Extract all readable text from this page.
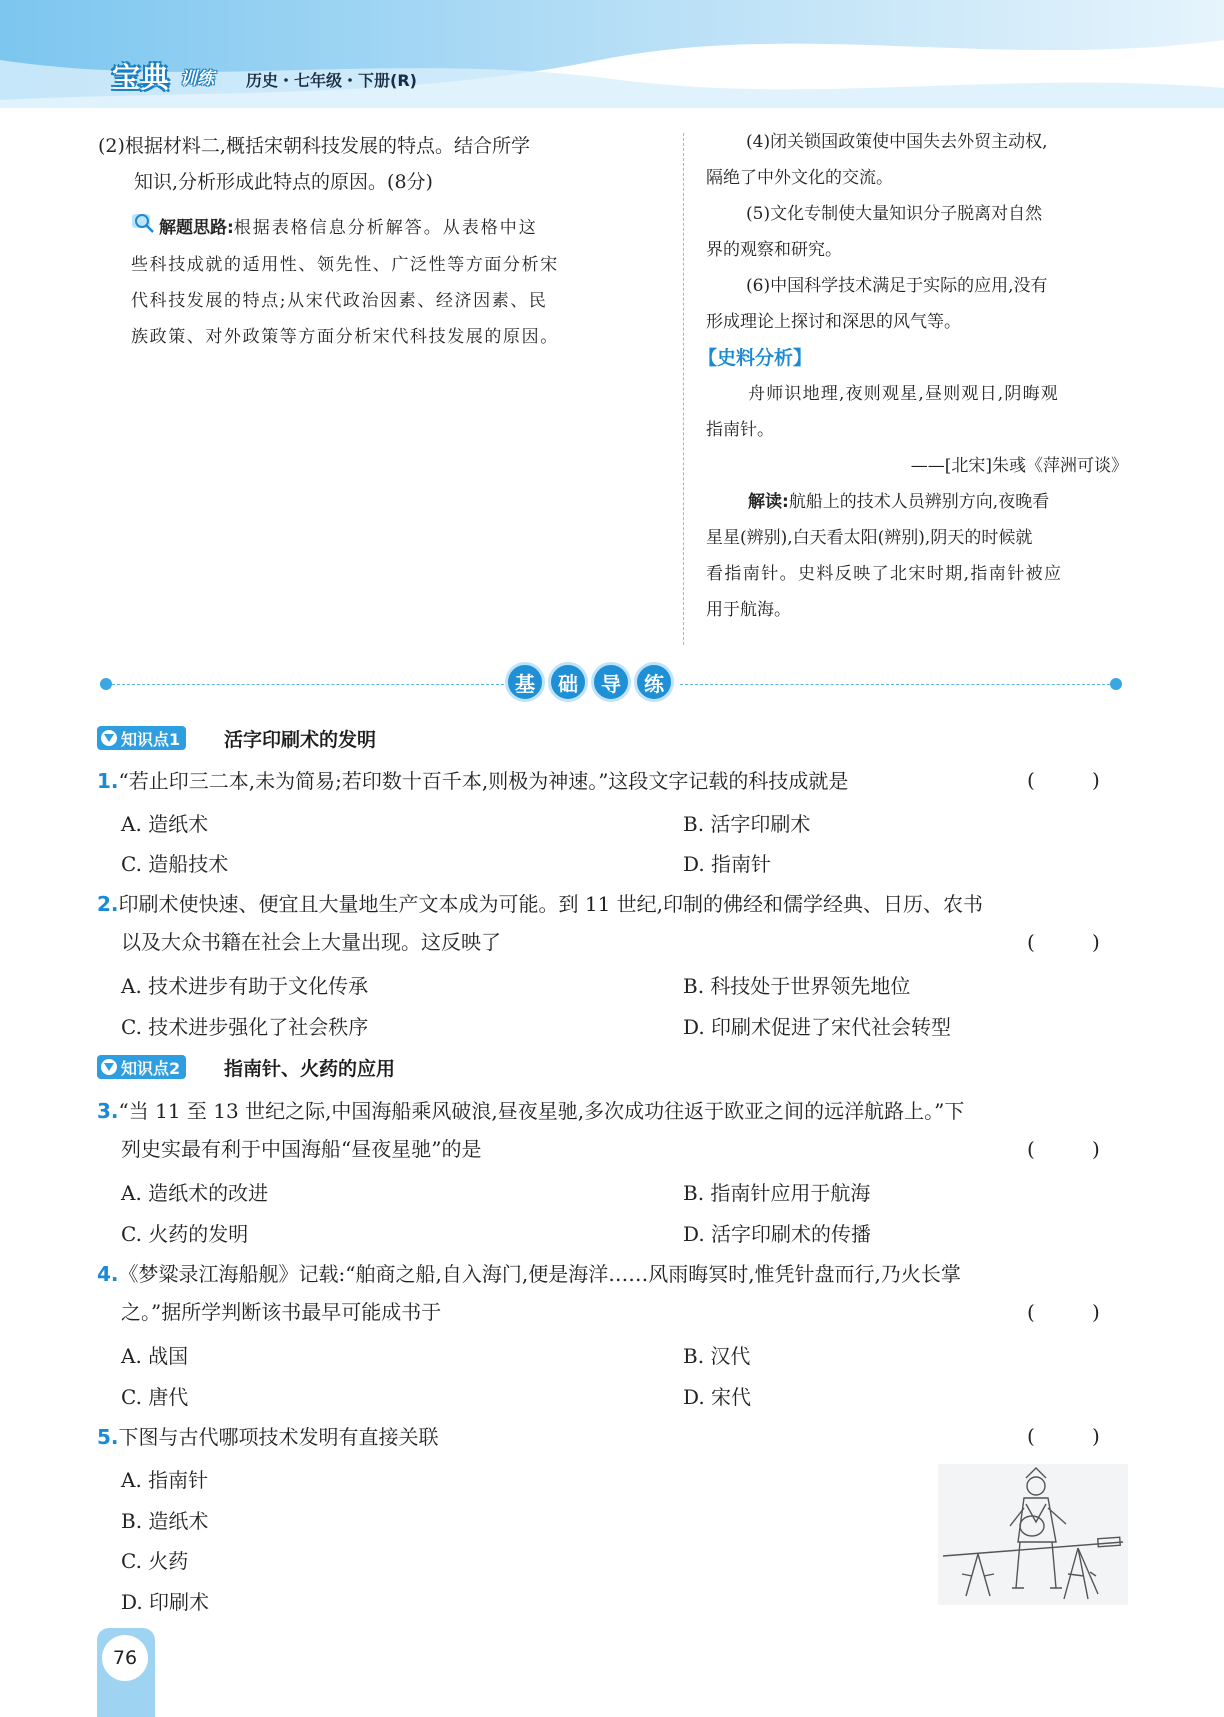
宝典 训练 历史・七年级・下册(R)
(2)根据材料二,概括宋朝科技发展的特点。结合所学
知识,分析形成此特点的原因。(8分)
解题思路:根据表格信息分析解答。从表格中这
些科技成就的适用性、领先性、广泛性等方面分析宋
代科技发展的特点;从宋代政治因素、经济因素、民
族政策、对外政策等方面分析宋代科技发展的原因。
(4)闭关锁国政策使中国失去外贸主动权,
隔绝了中外文化的交流。
(5)文化专制使大量知识分子脱离对自然
界的观察和研究。
(6)中国科学技术满足于实际的应用,没有
形成理论上探讨和深思的风气等。
【史料分析】
舟师识地理,夜则观星,昼则观日,阴晦观
指南针。
——[北宋]朱彧《萍洲可谈》
解读:航船上的技术人员辨别方向,夜晚看
星星(辨别),白天看太阳(辨别),阴天的时候就
看指南针。史料反映了北宋时期,指南针被应
用于航海。
基	础	导	练
知识点1 活字印刷术的发明
1.“若止印三二本,未为简易;若印数十百千本,则极为神速。”这段文字记载的科技成就是	(         )
A. 造纸术	B. 活字印刷术
C. 造船技术	D. 指南针
2.印刷术使快速、便宜且大量地生产文本成为可能。到 11 世纪,印制的佛经和儒学经典、日历、农书
以及大众书籍在社会上大量出现。这反映了	(         )
A. 技术进步有助于文化传承	B. 科技处于世界领先地位
C. 技术进步强化了社会秩序	D. 印刷术促进了宋代社会转型
知识点2 指南针、火药的应用
3.“当 11 至 13 世纪之际,中国海船乘风破浪,昼夜星驰,多次成功往返于欧亚之间的远洋航路上。”下
列史实最有利于中国海船“昼夜星驰”的是	(         )
A. 造纸术的改进	B. 指南针应用于航海
C. 火药的发明	D. 活字印刷术的传播
4.《梦粱录江海船舰》记载:“舶商之船,自入海门,便是海洋……风雨晦冥时,惟凭针盘而行,乃火长掌
之。”据所学判断该书最早可能成书于	(         )
A. 战国	B. 汉代
C. 唐代	D. 宋代
5.下图与古代哪项技术发明有直接关联	(         )
A. 指南针
B. 造纸术
C. 火药
D. 印刷术
76
